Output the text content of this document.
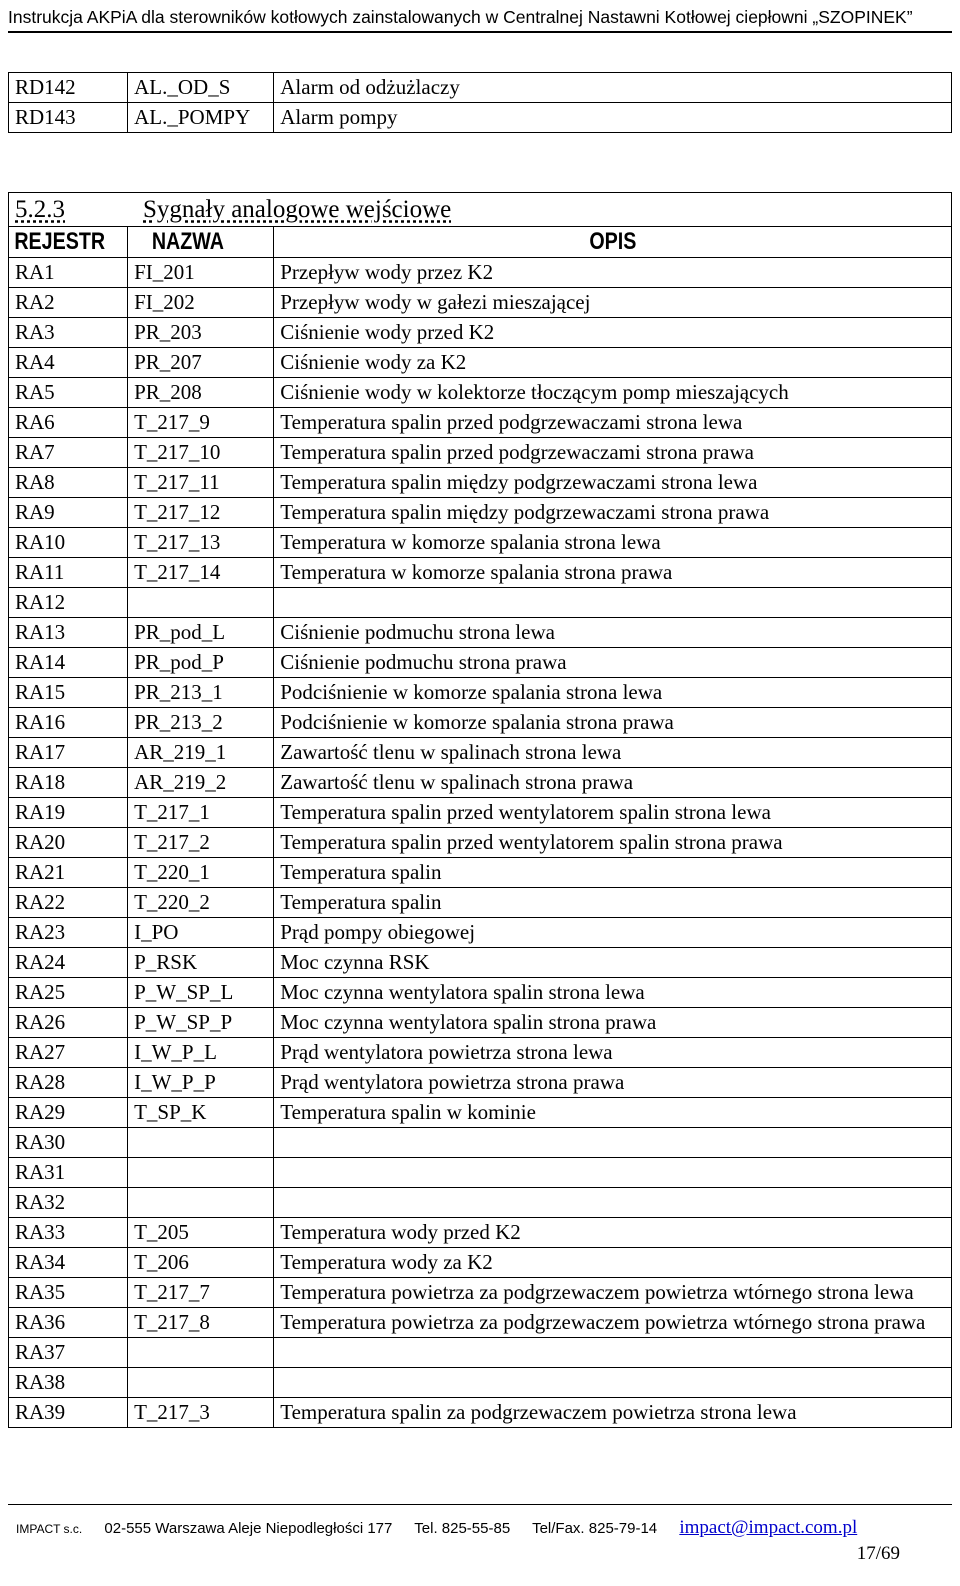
Instrukcja AKPiA dla sterowników kotłowych zainstalowanych w Centralnej Nastawni Kotłowej ciepłowni „SZOPINEK”
RD142	AL._OD_S	Alarm od odżużlaczy
RD143	AL._POMPY	Alarm pompy
5.2.3 Sygnały analogowe wejściowe		
REJESTR	NAZWA	OPIS
RA1	FI_201	Przepływ wody przez K2
RA2	FI_202	Przepływ wody w gałezi mieszającej
RA3	PR_203	Ciśnienie wody przed K2
RA4	PR_207	Ciśnienie wody za K2
RA5	PR_208	Ciśnienie wody w kolektorze tłoczącym pomp mieszających
RA6	T_217_9	Temperatura spalin przed podgrzewaczami strona lewa
RA7	T_217_10	Temperatura spalin przed podgrzewaczami strona prawa
RA8	T_217_11	Temperatura spalin między podgrzewaczami strona lewa
RA9	T_217_12	Temperatura spalin między podgrzewaczami strona prawa
RA10	T_217_13	Temperatura w komorze spalania strona lewa
RA11	T_217_14	Temperatura w komorze spalania strona prawa
RA12		
RA13	PR_pod_L	Ciśnienie podmuchu strona lewa
RA14	PR_pod_P	Ciśnienie podmuchu strona prawa
RA15	PR_213_1	Podciśnienie w komorze spalania strona lewa
RA16	PR_213_2	Podciśnienie w komorze spalania strona prawa
RA17	AR_219_1	Zawartość tlenu w spalinach strona lewa
RA18	AR_219_2	Zawartość tlenu w spalinach strona prawa
RA19	T_217_1	Temperatura spalin przed wentylatorem spalin strona lewa
RA20	T_217_2	Temperatura spalin przed wentylatorem spalin strona prawa
RA21	T_220_1	Temperatura spalin
RA22	T_220_2	Temperatura spalin
RA23	I_PO	Prąd pompy obiegowej
RA24	P_RSK	Moc czynna RSK
RA25	P_W_SP_L	Moc czynna wentylatora spalin strona lewa
RA26	P_W_SP_P	Moc czynna wentylatora spalin strona prawa
RA27	I_W_P_L	Prąd wentylatora powietrza strona lewa
RA28	I_W_P_P	Prąd wentylatora powietrza strona prawa
RA29	T_SP_K	Temperatura spalin w kominie
RA30		
RA31		
RA32		
RA33	T_205	Temperatura wody przed K2
RA34	T_206	Temperatura wody za K2
RA35	T_217_7	Temperatura powietrza za podgrzewaczem powietrza wtórnego strona lewa
RA36	T_217_8	Temperatura powietrza za podgrzewaczem powietrza wtórnego strona prawa
RA37		
RA38		
RA39	T_217_3	Temperatura spalin za podgrzewaczem powietrza strona lewa
IMPACT s.c. 02-555 Warszawa Aleje Niepodległości 177 Tel. 825-55-85 Tel/Fax. 825-79-14 impact@impact.com.pl
17/69
